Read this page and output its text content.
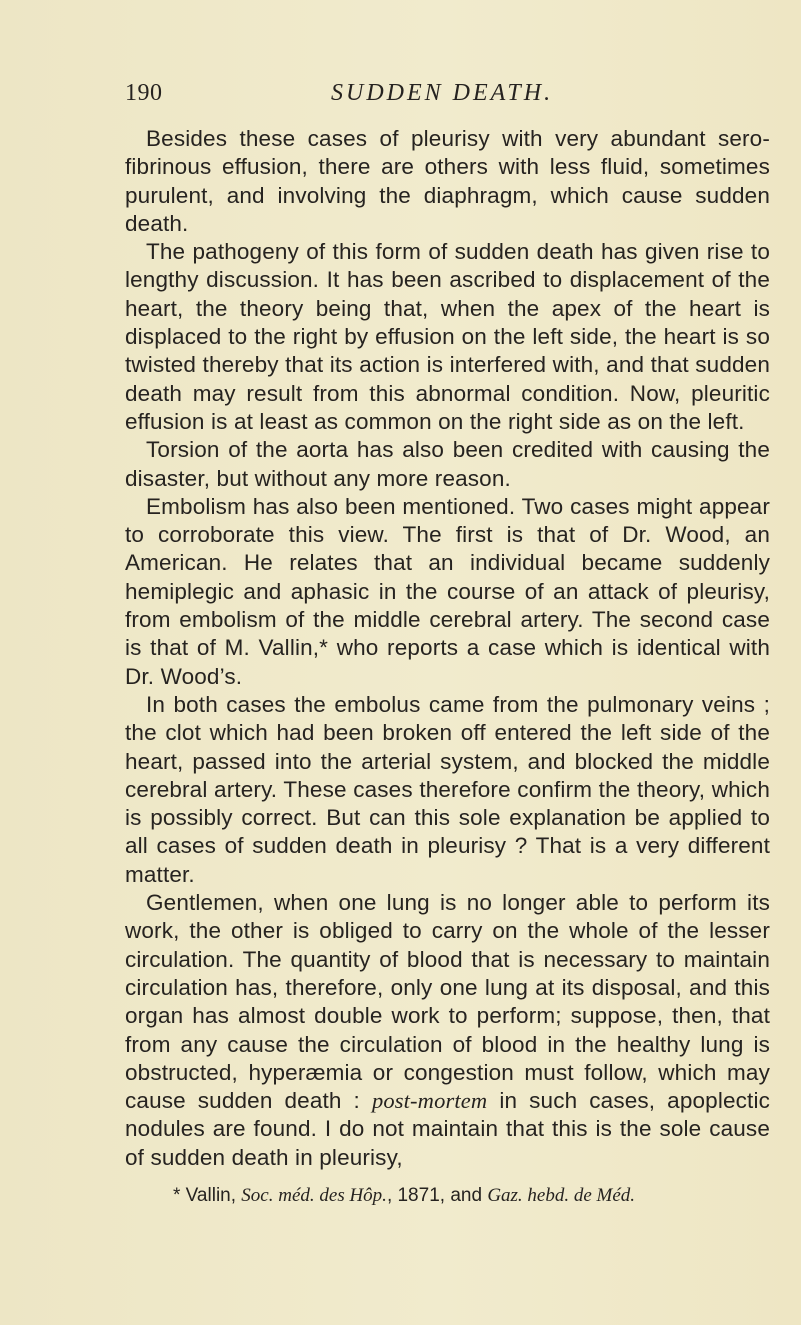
190	SUDDEN DEATH.

Besides these cases of pleurisy with very abundant sero-fibrinous effusion, there are others with less fluid, sometimes purulent, and involving the diaphragm, which cause sudden death.

The pathogeny of this form of sudden death has given rise to lengthy discussion. It has been ascribed to displacement of the heart, the theory being that, when the apex of the heart is displaced to the right by effusion on the left side, the heart is so twisted thereby that its action is interfered with, and that sudden death may result from this abnormal condition. Now, pleuritic effusion is at least as common on the right side as on the left.

Torsion of the aorta has also been credited with causing the disaster, but without any more reason.

Embolism has also been mentioned. Two cases might appear to corroborate this view. The first is that of Dr. Wood, an American. He relates that an individual became suddenly hemiplegic and aphasic in the course of an attack of pleurisy, from embolism of the middle cerebral artery. The second case is that of M. Vallin,* who reports a case which is identical with Dr. Wood’s.

In both cases the embolus came from the pulmonary veins ; the clot which had been broken off entered the left side of the heart, passed into the arterial system, and blocked the middle cerebral artery. These cases therefore confirm the theory, which is possibly correct. But can this sole explanation be applied to all cases of sudden death in pleurisy ? That is a very different matter.

Gentlemen, when one lung is no longer able to perform its work, the other is obliged to carry on the whole of the lesser circulation. The quantity of blood that is necessary to maintain circulation has, therefore, only one lung at its disposal, and this organ has almost double work to perform; suppose, then, that from any cause the circulation of blood in the healthy lung is obstructed, hyperæmia or congestion must follow, which may cause sudden death : post-mortem in such cases, apoplectic nodules are found. I do not maintain that this is the sole cause of sudden death in pleurisy,

* Vallin, Soc. méd. des Hôp., 1871, and Gaz. hebd. de Méd.
